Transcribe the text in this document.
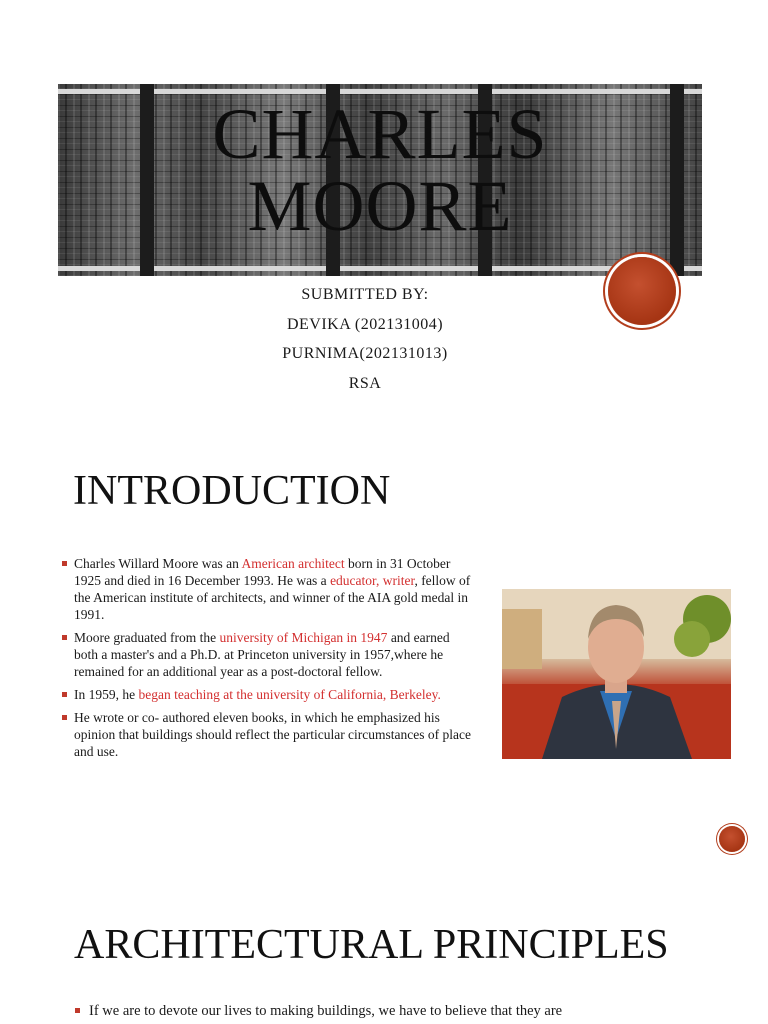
CHARLES
MOORE
SUBMITTED BY:
DEVIKA (202131004)
PURNIMA(202131013)
RSA
INTRODUCTION
Charles Willard Moore was an American architect born in 31 October 1925 and died in 16 December 1993. He was a educator, writer, fellow of the American institute of architects, and winner of the AIA gold medal in 1991.
Moore graduated from the university of Michigan in 1947 and earned both a master's and a Ph.D. at Princeton university in 1957,where he remained for an additional year as a post-doctoral fellow.
In 1959, he began teaching at the university of California, Berkeley.
He wrote or co- authored eleven books, in which he emphasized his opinion that buildings should reflect the particular circumstances of place and use.
ARCHITECTURAL PRINCIPLES
If we are to devote our lives to making buildings, we have to believe that they are
